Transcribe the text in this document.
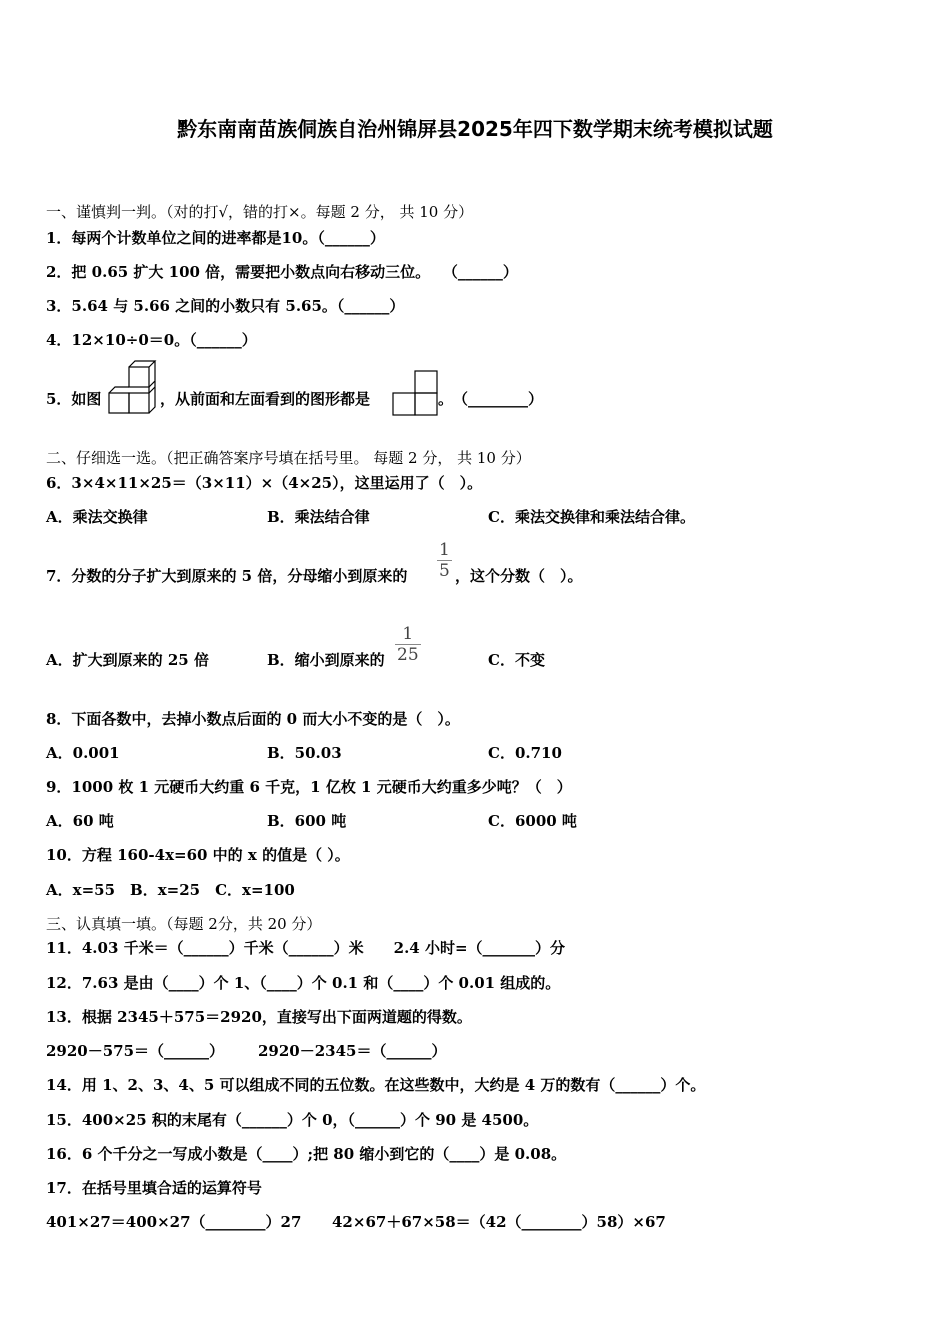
黔东南南苗族侗族自治州锦屏县2025年四下数学期末统考模拟试题
一、谨慎判一判。（对的打√，错的打×。每题 2 分， 共 10 分）
1．每两个计数单位之间的进率都是10。（______）
2．把 0.65 扩大 100 倍，需要把小数点向右移动三位。　 （______）
3．5.64 与 5.66 之间的小数只有 5.65。（______）
4．12×10÷0＝0。（______）
5．如图	，从前面和左面看到的图形都是	。　（________）
二、仔细选一选。（把正确答案序号填在括号里。 每题 2 分， 共 10 分）
6．3×4×11×25＝（3×11）×（4×25），这里运用了（　）。
A．乘法交换律	B．乘法结合律	C．乘法交换律和乘法结合律。
7．分数的分子扩大到原来的 5 倍，分母缩小到原来的 $\frac{1}{5}$ ，这个分数（　）。
A．扩大到原来的 25 倍	B．缩小到原来的 $\frac{1}{25}$	C．不变
8．下面各数中，去掉小数点后面的 0 而大小不变的是（　）。
A．0.001	B．50.03	C．0.710
9．1000 枚 1 元硬币大约重 6 千克，1 亿枚 1 元硬币大约重多少吨？（　）
A．60 吨	B．600 吨	C．6000 吨
10．方程 160-4x=60 中的 x 的值是（ ）。
A．x=55　B．x=25　C．x=100
三、认真填一填。（每题 2分，共 20 分）
11．4.03 千米＝（______）千米（______）米　　2.4 小时=（_______）分
12．7.63 是由（____）个 1、（____）个 0.1 和（____）个 0.01 组成的。
13．根据 2345＋575＝2920，直接写出下面两道题的得数。
2920－575＝（______） 2920－2345＝（______）
14．用 1、2、3、4、5 可以组成不同的五位数。在这些数中，大约是 4 万的数有（______）个。
15．400×25 积的末尾有（______）个 0，（______）个 90 是 4500。
16．6 个千分之一写成小数是（____）;把 80 缩小到它的（____）是 0.08。
17．在括号里填合适的运算符号
401×27＝400×27（________）27 42×67＋67×58＝（42（________）58）×67
